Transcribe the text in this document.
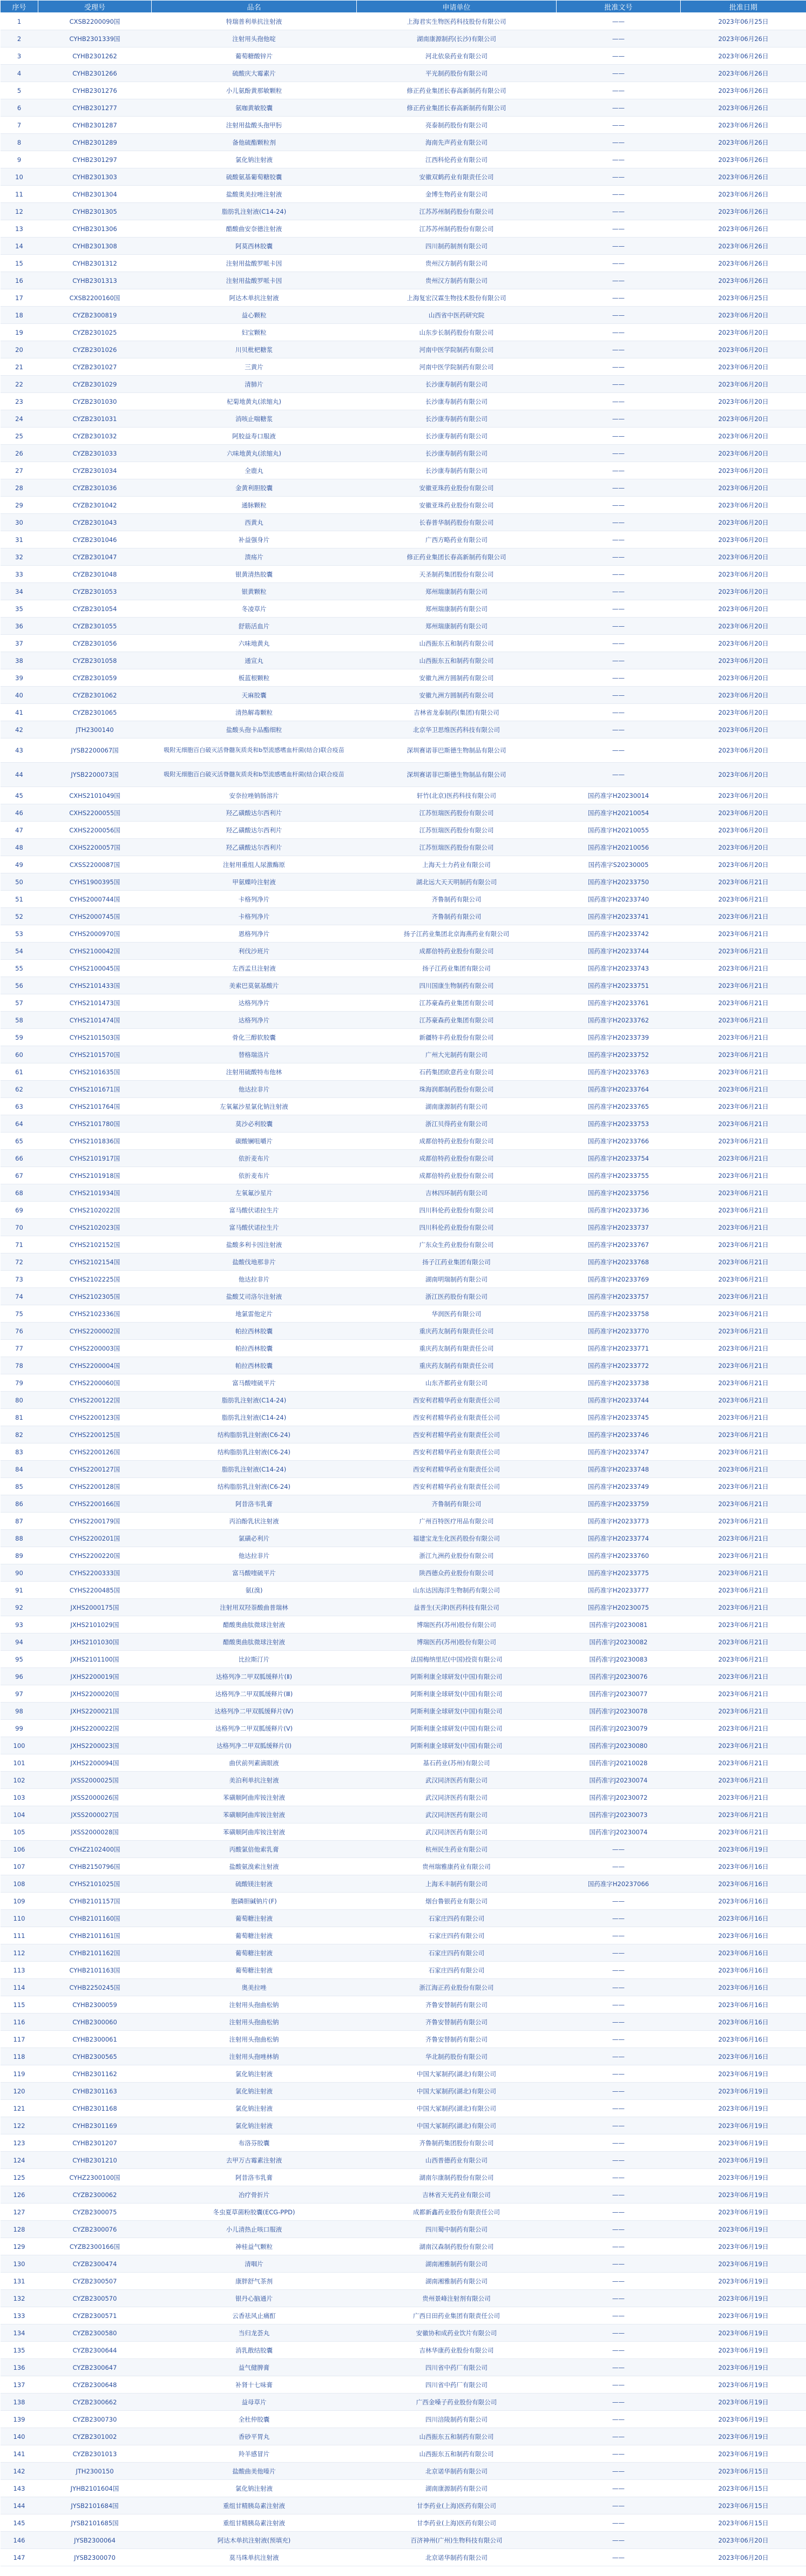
序号	受理号	品名	申请单位	批准文号	批准日期
1	CXSB2200090国	特瑞普利单抗注射液	上海君实生物医药科技股份有限公司	——	2023年06月25日
2	CYHB2301339国	注射用头孢他啶	湖南康源制药(长沙)有限公司	——	2023年06月26日
3	CYHB2301262	葡萄糖酸锌片	河北依泉药业有限公司	——	2023年06月26日
4	CYHB2301266	硫酸庆大霉素片	平光制药股份有限公司	——	2023年06月26日
5	CYHB2301276	小儿氨酚黄那敏颗粒	修正药业集团长春高新制药有限公司	——	2023年06月26日
6	CYHB2301277	氨咖黄敏胶囊	修正药业集团长春高新制药有限公司	——	2023年06月26日
7	CYHB2301287	注射用盐酸头孢甲肟	亮泰制药股份有限公司	——	2023年06月26日
8	CYHB2301289	备他硫酯颗粒剂	海南先声药业有限公司	——	2023年06月26日
9	CYHB2301297	氯化钠注射液	江西科伦药业有限公司	——	2023年06月26日
10	CYHB2301303	硫酸氨基葡萄糖胶囊	安徽双鹤药业有限责任公司	——	2023年06月26日
11	CYHB2301304	盐酸奥美拉唑注射液	金博生物药业有限公司	——	2023年06月26日
12	CYHB2301305	脂肪乳注射液(C14-24)	江苏苏州制药股份有限公司	——	2023年06月26日
13	CYHB2301306	醋酸曲安奈德注射液	江苏苏州制药股份有限公司	——	2023年06月26日
14	CYHB2301308	阿莫西林胶囊	四川制药制剂有限公司	——	2023年06月26日
15	CYHB2301312	注射用盐酸罗哌卡因	贵州汉方制药有限公司	——	2023年06月26日
16	CYHB2301313	注射用盐酸罗哌卡因	贵州汉方制药有限公司	——	2023年06月26日
17	CXSB2200160国	阿达木单抗注射液	上海复宏汉霖生物技术股份有限公司	——	2023年06月25日
18	CYZB2300819	益心颗粒	山西省中医药研究院	——	2023年06月20日
19	CYZB2301025	妇宝颗粒	山东步长制药股份有限公司	——	2023年06月20日
20	CYZB2301026	川贝枇杷糖浆	河南中医学院制药有限公司	——	2023年06月20日
21	CYZB2301027	三黄片	河南中医学院制药有限公司	——	2023年06月20日
22	CYZB2301029	清肺片	长沙康寿制药有限公司	——	2023年06月20日
23	CYZB2301030	杞菊地黄丸(浓缩丸)	长沙康寿制药有限公司	——	2023年06月20日
24	CYZB2301031	消咳止喘糖浆	长沙康寿制药有限公司	——	2023年06月20日
25	CYZB2301032	阿胶益寿口服液	长沙康寿制药有限公司	——	2023年06月20日
26	CYZB2301033	六味地黄丸(浓缩丸)	长沙康寿制药有限公司	——	2023年06月20日
27	CYZB2301034	全鹿丸	长沙康寿制药有限公司	——	2023年06月20日
28	CYZB2301036	金黄利胆胶囊	安徽亚珠药业股份有限公司	——	2023年06月20日
29	CYZB2301042	通脉颗粒	安徽亚珠药业股份有限公司	——	2023年06月20日
30	CYZB2301043	西黄丸	长春普华制药股份有限公司	——	2023年06月20日
31	CYZB2301046	补益强身片	广西方略药业有限公司	——	2023年06月20日
32	CYZB2301047	溃疡片	修正药业集团长春高新制药有限公司	——	2023年06月20日
33	CYZB2301048	银黄清热胶囊	天圣制药集团股份有限公司	——	2023年06月20日
34	CYZB2301053	银黄颗粒	郑州瑞康制药有限公司	——	2023年06月20日
35	CYZB2301054	冬凌草片	郑州瑞康制药有限公司	——	2023年06月20日
36	CYZB2301055	舒筋活血片	郑州瑞康制药有限公司	——	2023年06月20日
37	CYZB2301056	六味地黄丸	山西振东五和制药有限公司	——	2023年06月20日
38	CYZB2301058	通宣丸	山西振东五和制药有限公司	——	2023年06月20日
39	CYZB2301059	板蓝根颗粒	安徽九洲方圆制药有限公司	——	2023年06月20日
40	CYZB2301062	天麻胶囊	安徽九洲方圆制药有限公司	——	2023年06月20日
41	CYZB2301065	清热解毒颗粒	吉林省龙泰制药(集团)有限公司	——	2023年06月20日
42	JTH2300140	盐酸头孢卡品酯细粒	北京华卫思维医药科技有限公司	——	2023年06月20日
43	JYSB2200067国	吸附无细胞百白破灭活脊髓灰质炎和b型流感嗜血杆菌(结合)联合疫苗	深圳赛诺菲巴斯德生物制品有限公司	——	2023年06月20日
44	JYSB2200073国	吸附无细胞百白破灭活脊髓灰质炎和b型流感嗜血杆菌(结合)联合疫苗	深圳赛诺菲巴斯德生物制品有限公司	——	2023年06月20日
45	CXHS2101049国	安奈拉唑钠肠溶片	轩竹(北京)医药科技有限公司	国药准字H20230014	2023年06月20日
46	CXHS2200055国	羟乙磺酸达尔西利片	江苏恒瑞医药股份有限公司	国药准字H20210054	2023年06月20日
47	CXHS2200056国	羟乙磺酸达尔西利片	江苏恒瑞医药股份有限公司	国药准字H20210055	2023年06月20日
48	CXHS2200057国	羟乙磺酸达尔西利片	江苏恒瑞医药股份有限公司	国药准字H20210056	2023年06月20日
49	CXSS2200087国	注射用重组人尿激酶原	上海天士力药业有限公司	国药准字S20230005	2023年06月20日
50	CYHS1900395国	甲氨蝶呤注射液	湖北远大天天明制药有限公司	国药准字H20233750	2023年06月21日
51	CYHS2000744国	卡格列净片	齐鲁制药有限公司	国药准字H20233740	2023年06月21日
52	CYHS2000745国	卡格列净片	齐鲁制药有限公司	国药准字H20233741	2023年06月21日
53	CYHS2000970国	恩格列净片	扬子江药业集团北京海燕药业有限公司	国药准字H20233742	2023年06月21日
54	CYHS2100042国	利伐沙班片	成都倍特药业股份有限公司	国药准字H20233744	2023年06月21日
55	CYHS2100045国	左西孟旦注射液	扬子江药业集团有限公司	国药准字H20233743	2023年06月21日
56	CYHS2101433国	美索巴莫氨基酸片	四川国康生物制药有限公司	国药准字H20233751	2023年06月21日
57	CYHS2101473国	达格列净片	江苏豪森药业集团有限公司	国药准字H20233761	2023年06月21日
58	CYHS2101474国	达格列净片	江苏豪森药业集团有限公司	国药准字H20233762	2023年06月21日
59	CYHS2101503国	骨化三醇软胶囊	新疆特丰药业股份有限公司	国药准字H20233739	2023年06月21日
60	CYHS2101570国	替格瑞洛片	广州大光制药有限公司	国药准字H20233752	2023年06月21日
61	CYHS2101635国	注射用硫酸特布他林	石药集团欧意药业有限公司	国药准字H20233763	2023年06月21日
62	CYHS2101671国	他达拉非片	珠海润都制药股份有限公司	国药准字H20233764	2023年06月21日
63	CYHS2101764国	左氧氟沙星氯化钠注射液	湖南康源制药有限公司	国药准字H20233765	2023年06月21日
64	CYHS2101780国	莫沙必利胶囊	浙江贝得药业有限公司	国药准字H20233753	2023年06月21日
65	CYHS2101836国	碳酸镧咀嚼片	成都倍特药业股份有限公司	国药准字H20233766	2023年06月21日
66	CYHS2101917国	依折麦布片	成都倍特药业股份有限公司	国药准字H20233754	2023年06月21日
67	CYHS2101918国	依折麦布片	成都倍特药业股份有限公司	国药准字H20233755	2023年06月21日
68	CYHS2101934国	左氧氟沙星片	吉林四环制药有限公司	国药准字H20233756	2023年06月21日
69	CYHS2102022国	富马酸伏诺拉生片	四川科伦药业股份有限公司	国药准字H20233736	2023年06月21日
70	CYHS2102023国	富马酸伏诺拉生片	四川科伦药业股份有限公司	国药准字H20233737	2023年06月21日
71	CYHS2102152国	盐酸多利卡因注射液	广东众生药业股份有限公司	国药准字H20233767	2023年06月21日
72	CYHS2102154国	盐酸伐地那非片	扬子江药业集团有限公司	国药准字H20233768	2023年06月21日
73	CYHS2102225国	他达拉非片	湖南明瑞制药有限公司	国药准字H20233769	2023年06月21日
74	CYHS2102305国	盐酸艾司洛尔注射液	浙江医药股份有限公司	国药准字H20233757	2023年06月21日
75	CYHS2102336国	地氯雷他定片	华润医药有限公司	国药准字H20233758	2023年06月21日
76	CYHS2200002国	帕拉西林胶囊	重庆药友制药有限责任公司	国药准字H20233770	2023年06月21日
77	CYHS2200003国	帕拉西林胶囊	重庆药友制药有限责任公司	国药准字H20233771	2023年06月21日
78	CYHS2200004国	帕拉西林胶囊	重庆药友制药有限责任公司	国药准字H20233772	2023年06月21日
79	CYHS2200060国	富马酸喹硫平片	山东齐都药业有限公司	国药准字H20233738	2023年06月21日
80	CYHS2200122国	脂肪乳注射液(C14-24)	西安利君精华药业有限责任公司	国药准字H20233744	2023年06月21日
81	CYHS2200123国	脂肪乳注射液(C14-24)	西安利君精华药业有限责任公司	国药准字H20233745	2023年06月21日
82	CYHS2200125国	结构脂肪乳注射液(C6-24)	西安利君精华药业有限责任公司	国药准字H20233746	2023年06月21日
83	CYHS2200126国	结构脂肪乳注射液(C6-24)	西安利君精华药业有限责任公司	国药准字H20233747	2023年06月21日
84	CYHS2200127国	脂肪乳注射液(C14-24)	西安利君精华药业有限责任公司	国药准字H20233748	2023年06月21日
85	CYHS2200128国	结构脂肪乳注射液(C6-24)	西安利君精华药业有限责任公司	国药准字H20233749	2023年06月21日
86	CYHS2200166国	阿昔洛韦乳膏	齐鲁制药有限公司	国药准字H20233759	2023年06月21日
87	CYHS2200179国	丙泊酚乳状注射液	广州百特医疗用品有限公司	国药准字H20233773	2023年06月21日
88	CYHS2200201国	氯磺必利片	福建宝龙生化医药股份有限公司	国药准字H20233774	2023年06月21日
89	CYHS2200220国	他达拉非片	浙江九洲药业股份有限公司	国药准字H20233760	2023年06月21日
90	CYHS2200333国	富马酸喹硫平片	陕西德众药业股份有限公司	国药准字H20233775	2023年06月21日
91	CYHS2200485国	氨(溴)	山东达因海洋生物制药有限公司	国药准字H20233777	2023年06月21日
92	JXHS2000175国	注射用双羟萘酸曲普瑞林	益普生(天津)医药科技有限公司	国药准字H20230075	2023年06月21日
93	JXHS2101029国	醋酸奥曲肽微球注射液	博瑞医药(苏州)股份有限公司	国药准字J20230081	2023年06月21日
94	JXHS2101030国	醋酸奥曲肽微球注射液	博瑞医药(苏州)股份有限公司	国药准字J20230082	2023年06月21日
95	JXHS2101100国	比拉斯汀片	法国梅纳里尼(中国)投资有限公司	国药准字J20230083	2023年06月21日
96	JXHS2200019国	达格列净二甲双胍缓释片(Ⅱ)	阿斯利康全球研发(中国)有限公司	国药准字J20230076	2023年06月21日
97	JXHS2200020国	达格列净二甲双胍缓释片(Ⅲ)	阿斯利康全球研发(中国)有限公司	国药准字J20230077	2023年06月21日
98	JXHS2200021国	达格列净二甲双胍缓释片(Ⅳ)	阿斯利康全球研发(中国)有限公司	国药准字J20230078	2023年06月21日
99	JXHS2200022国	达格列净二甲双胍缓释片(Ⅴ)	阿斯利康全球研发(中国)有限公司	国药准字J20230079	2023年06月21日
100	JXHS2200023国	达格列净二甲双胍缓释片(Ⅰ)	阿斯利康全球研发(中国)有限公司	国药准字J20230080	2023年06月21日
101	JXHS2200094国	曲伏前列素滴眼液	基石药业(苏州)有限公司	国药准字J20210028	2023年06月21日
102	JXSS2000025国	美泊利单抗注射液	武汉同济医药有限公司	国药准字J20230074	2023年06月21日
103	JXSS2000026国	苯磺顺阿曲库铵注射液	武汉同济医药有限公司	国药准字J20230072	2023年06月21日
104	JXSS2000027国	苯磺顺阿曲库铵注射液	武汉同济医药有限公司	国药准字J20230073	2023年06月21日
105	JXSS2000028国	苯磺顺阿曲库铵注射液	武汉同济医药有限公司	国药准字J20230074	2023年06月21日
106	CYHZ2102400国	丙酸氯倍他索乳膏	杭州民生药业有限公司	——	2023年06月19日
107	CYHB2150796国	盐酸氨溴索注射液	贵州瑞雅康药业有限公司	——	2023年06月16日
108	CYHS2101025国	硫酸镁注射液	上海禾丰制药有限公司	国药准字H20237066	2023年06月16日
109	CYHB2101157国	胞磷胆碱钠片(F)	烟台鲁银药业有限公司	——	2023年06月16日
110	CYHB2101160国	葡萄糖注射液	石家庄四药有限公司	——	2023年06月16日
111	CYHB2101161国	葡萄糖注射液	石家庄四药有限公司	——	2023年06月16日
112	CYHB2101162国	葡萄糖注射液	石家庄四药有限公司	——	2023年06月16日
113	CYHB2101163国	葡萄糖注射液	石家庄四药有限公司	——	2023年06月16日
114	CYHB2250245国	奥美拉唑	浙江海正药业股份有限公司	——	2023年06月16日
115	CYHB2300059	注射用头孢曲松钠	齐鲁安替制药有限公司	——	2023年06月16日
116	CYHB2300060	注射用头孢曲松钠	齐鲁安替制药有限公司	——	2023年06月16日
117	CYHB2300061	注射用头孢曲松钠	齐鲁安替制药有限公司	——	2023年06月16日
118	CYHB2300565	注射用头孢唑林钠	华北制药股份有限公司	——	2023年06月16日
119	CYHB2301162	氯化钠注射液	中国大冢制药(湖北)有限公司	——	2023年06月19日
120	CYHB2301163	氯化钠注射液	中国大冢制药(湖北)有限公司	——	2023年06月19日
121	CYHB2301168	氯化钠注射液	中国大冢制药(湖北)有限公司	——	2023年06月19日
122	CYHB2301169	氯化钠注射液	中国大冢制药(湖北)有限公司	——	2023年06月19日
123	CYHB2301207	布洛芬胶囊	齐鲁制药集团股份有限公司	——	2023年06月19日
124	CYHB2301210	去甲万古霉素注射液	山西普德药业有限公司	——	2023年06月19日
125	CYHZ2300100国	阿昔洛韦乳膏	湖南尔康制药股份有限公司	——	2023年06月19日
126	CYZB2300062	冶疗骨折片	吉林省天光药业有限公司	——	2023年06月19日
127	CYZB2300075	冬虫夏草菌粉胶囊(ECG-PPD)	成都新鑫药业股份有限责任公司	——	2023年06月19日
128	CYZB2300076	小儿清热止咳口服液	四川蜀中制药有限公司	——	2023年06月19日
129	CYZB2300166国	神桂益气颗粒	湖南汉森制药股份有限公司	——	2023年06月19日
130	CYZB2300474	清咽片	湖南湘雅制药有限公司	——	2023年06月19日
131	CYZB2300507	康胖舒气茶剂	湖南湘雅制药有限公司	——	2023年06月19日
132	CYZB2300570	银丹心脑通片	贵州景峰注射剂有限公司	——	2023年06月19日
133	CYZB2300571	云香祛风止痛酊	广西日田药业集团有限责任公司	——	2023年06月19日
134	CYZB2300580	当归龙荟丸	安徽协和成药业饮片有限公司	——	2023年06月19日
135	CYZB2300644	消乳散结胶囊	吉林华康药业股份有限公司	——	2023年06月19日
136	CYZB2300647	益气健脾膏	四川省中药厂有限公司	——	2023年06月19日
137	CYZB2300648	补肾十七味膏	四川省中药厂有限公司	——	2023年06月19日
138	CYZB2300662	益母草片	广西金嗓子药业股份有限公司	——	2023年06月19日
139	CYZB2300730	全杜仲胶囊	四川涪陵制药有限公司	——	2023年06月19日
140	CYZB2301002	香砂平胃丸	山西振东五和制药有限公司	——	2023年06月19日
141	CYZB2301013	羚羊感冒片	山西振东五和制药有限公司	——	2023年06月19日
142	JTH2300150	盐酸曲美他嗪片	北京诺华制药有限公司	——	2023年06月15日
143	JYHB2101604国	氯化钠注射液	湖南康源制药有限公司	——	2023年06月15日
144	JYSB2101684国	重组甘精胰岛素注射液	甘李药业(上海)医药有限公司	——	2023年06月15日
145	JYSB2101685国	重组甘精胰岛素注射液	甘李药业(上海)医药有限公司	——	2023年06月15日
146	JYSB2300064	阿达木单抗注射液(预填充)	百济神州(广州)生物科技有限公司	——	2023年06月20日
147	JYSB2300070	莫马珠单抗注射液	北京诺华制药有限公司	——	2023年06月20日
